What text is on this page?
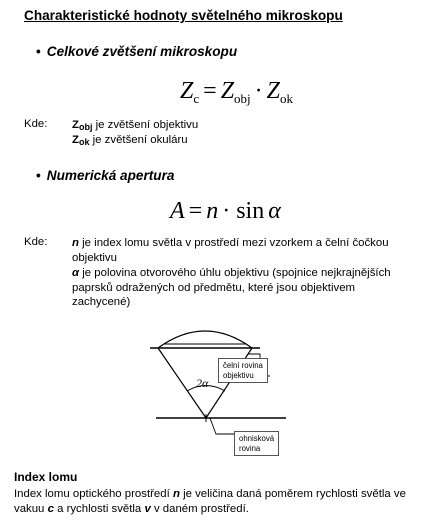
Charakteristické hodnoty světelného mikroskopu
• Celkové zvětšení mikroskopu
$Z_c = Z_{obj} \cdot Z_{ok}$
Kde: Zobj je zvětšení objektivu
Zok je zvětšení okuláru
• Numerická apertura
A = n · sin α
Kde: n je index lomu světla v prostředí mezi vzorkem a čelní čočkou objektivu
α je polovina otvorového úhlu objektivu (spojnice nejkrajnějších paprsků odražených od předmětu, které jsou objektivem zachycené)
2α
čelní rovina
objektivu
ohnisková
rovina
Index lomu
Index lomu optického prostředí n je veličina daná poměrem rychlosti světla ve vakuu c a rychlosti světla v v daném prostředí.
